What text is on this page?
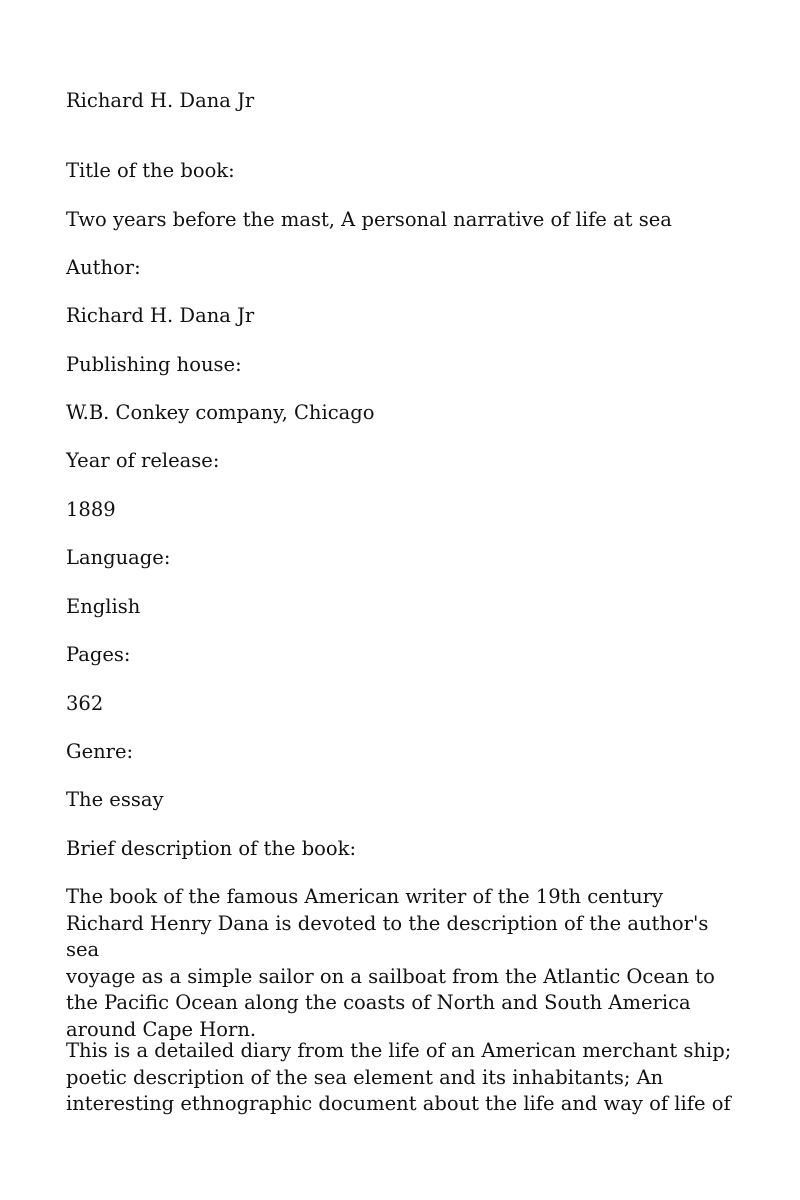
Richard H. Dana Jr
Title of the book:
Two years before the mast, A personal narrative of life at sea
Author:
Richard H. Dana Jr
Publishing house:
W.B. Conkey company, Chicago
Year of release:
1889
Language:
English
Pages:
362
Genre:
The essay
Brief description of the book:
The book of the famous American writer of the 19th century
Richard Henry Dana is devoted to the description of the author's sea
voyage as a simple sailor on a sailboat from the Atlantic Ocean to
the Pacific Ocean along the coasts of North and South America
around Cape Horn.
This is a detailed diary from the life of an American merchant ship;
poetic description of the sea element and its inhabitants; An
interesting ethnographic document about the life and way of life of
